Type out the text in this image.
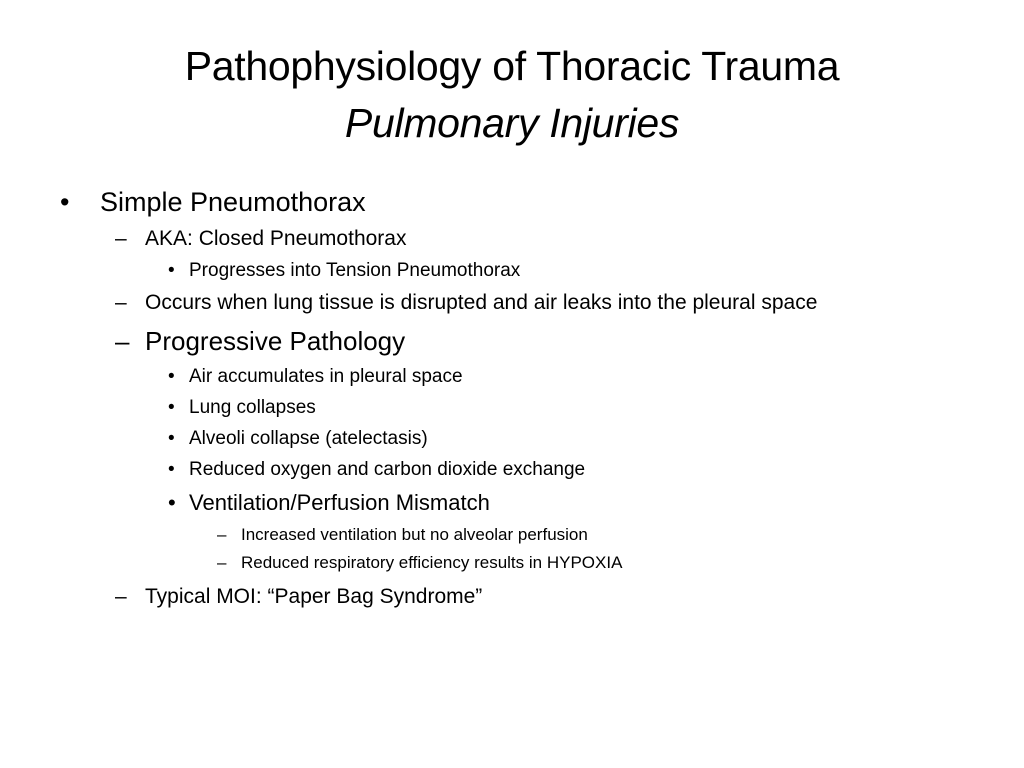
Pathophysiology of Thoracic Trauma
Pulmonary Injuries
• Simple Pneumothorax
– AKA: Closed Pneumothorax
• Progresses into Tension Pneumothorax
– Occurs when lung tissue is disrupted and air leaks into the pleural space
– Progressive Pathology
• Air accumulates in pleural space
• Lung collapses
• Alveoli collapse (atelectasis)
• Reduced oxygen and carbon dioxide exchange
• Ventilation/Perfusion Mismatch
– Increased ventilation but no alveolar perfusion
– Reduced respiratory efficiency results in HYPOXIA
– Typical MOI: “Paper Bag Syndrome”
